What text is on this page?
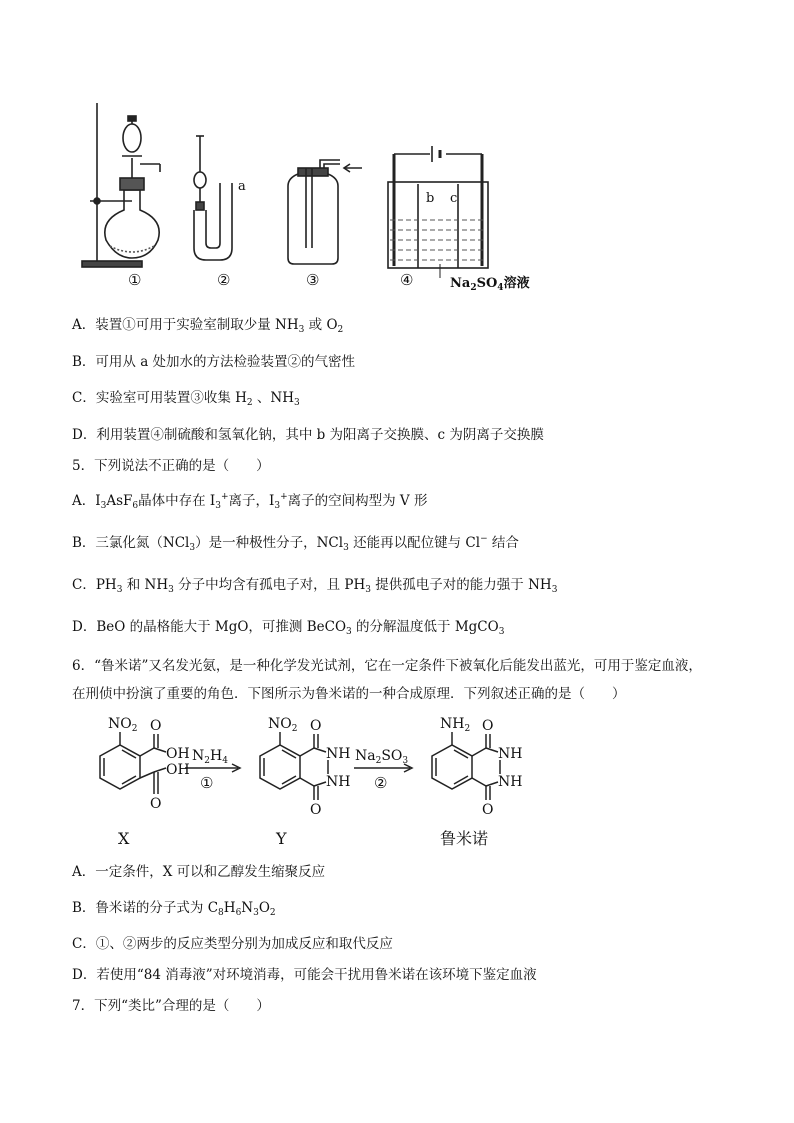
a
b c
$Na_2SO_4$溶液
①	②	③	④
A．装置①可用于实验室制取少量 $NH_3$ 或 $O_2$
B．可用从 a 处加水的方法检验装置②的气密性
C．实验室可用装置③收集 $H_2$ 、$NH_3$
D．利用装置④制硫酸和氢氧化钠，其中 b 为阳离子交换膜、c 为阴离子交换膜
5．下列说法不正确的是（　　）
A．$I_3AsF_6$晶体中存在 $I_3^+$离子，$I_3^+$离子的空间构型为 V 形
B．三氯化氮（NCl$_3$）是一种极性分子，NCl$_3$ 还能再以配位键与 Cl− 结合
C．$PH_3$ 和 $NH_3$ 分子中均含有孤电子对，且 $PH_3$ 提供孤电子对的能力强于 $NH_3$
D．BeO 的晶格能大于 MgO，可推测 BeCO$_3$ 的分解温度低于 MgCO$_3$
6．“鲁米诺”又名发光氨，是一种化学发光试剂，它在一定条件下被氧化后能发出蓝光，可用于鉴定血液，
在刑侦中扮演了重要的角色．下图所示为鲁米诺的一种合成原理．下列叙述正确的是（　　）
$NO_2$ O
OH
OH
O
$N_2H_4$
①
$NO_2$ O
NH
NH
O
$Na_2SO_3$
②
$NH_2$ O
NH
NH
O
X	Y	鲁米诺
A．一定条件，X 可以和乙醇发生缩聚反应
B．鲁米诺的分子式为 $C_8H_6N_3O_2$
C．①、②两步的反应类型分别为加成反应和取代反应
D．若使用“84 消毒液”对环境消毒，可能会干扰用鲁米诺在该环境下鉴定血液
7．下列“类比”合理的是（　　）
